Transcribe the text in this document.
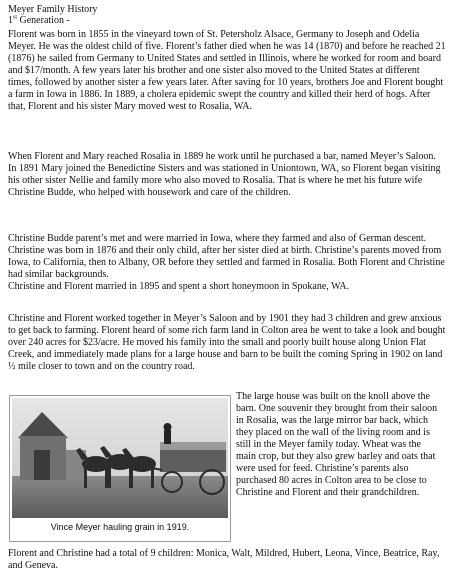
Meyer Family History
1st Generation -
Florent was born in 1855 in the vineyard town of St. Petersholz Alsace, Germany to Joseph and Odelia Meyer. He was the oldest child of five. Florent’s father died when he was 14 (1870) and before he reached 21 (1876) he sailed from Germany to United States and settled in Illinois, where he worked for room and board and $17/month. A few years later his brother and one sister also moved to the United States at different times, followed by another sister a few years later. After saving for 10 years, brothers Joe and Florent bought a farm in Iowa in 1886. In 1889, a cholera epidemic swept the country and killed their herd of hogs. After that, Florent and his sister Mary moved west to Rosalia, WA.
When Florent and Mary reached Rosalia in 1889 he work until he purchased a bar, named Meyer’s Saloon. In 1891 Mary joined the Benedictine Sisters and was stationed in Uniontown, WA, so Florent began visiting his other sister Nellie and family more who also moved to Rosalia. That is where he met his future wife Christine Budde, who helped with housework and care of the children.
Christine Budde parent’s met and were married in Iowa, where they farmed and also of German descent. Christine was born in 1876 and their only child, after her sister died at birth. Christine’s parents moved from Iowa, to California, then to Albany, OR before they settled and farmed in Rosalia. Both Florent and Christine had similar backgrounds.
Christine and Florent married in 1895 and spent a short honeymoon in Spokane, WA.
Christine and Florent worked together in Meyer’s Saloon and by 1901 they had 3 children and grew anxious to get back to farming. Florent heard of some rich farm land in Colton area he went to take a look and bought over 240 acres for $23/acre. He moved his family into the small and poorly built house along Union Flat Creek, and immediately made plans for a large house and barn to be built the coming Spring in 1902 on land ½ mile closer to town and on the country road.
Vince Meyer hauling grain in 1919.
The large house was built on the knoll above the barn. One souvenir they brought from their saloon in Rosalia, was the large mirror bar back, which they placed on the wall of the living room and is still in the Meyer family today. Wheat was the main crop, but they also grew barley and oats that were used for feed. Christine’s parents also purchased 80 acres in Colton area to be close to Christine and Florent and their grandchildren.
Florent and Christine had a total of 9 children: Monica, Walt, Mildred, Hubert, Leona, Vince, Beatrice, Ray, and Geneva.
